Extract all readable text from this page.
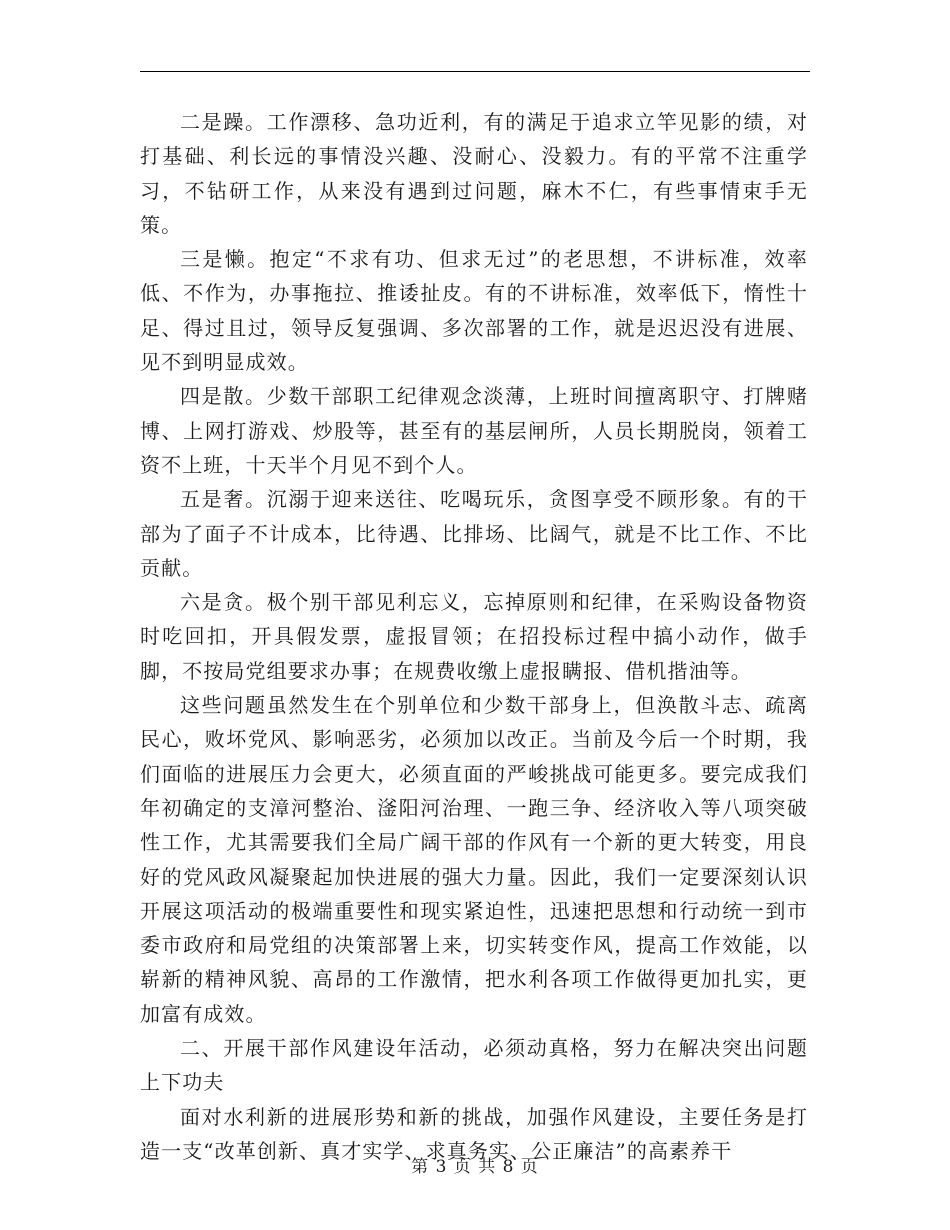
二是躁。工作漂移、急功近利，有的满足于追求立竿见影的绩，对打基础、利长远的事情没兴趣、没耐心、没毅力。有的平常不注重学习，不钻研工作，从来没有遇到过问题，麻木不仁，有些事情束手无策。

三是懒。抱定“不求有功、但求无过”的老思想，不讲标准，效率低、不作为，办事拖拉、推诿扯皮。有的不讲标准，效率低下，惰性十足、得过且过，领导反复强调、多次部署的工作，就是迟迟没有进展、见不到明显成效。

四是散。少数干部职工纪律观念淡薄，上班时间擅离职守、打牌赌博、上网打游戏、炒股等，甚至有的基层闸所，人员长期脱岗，领着工资不上班，十天半个月见不到个人。

五是奢。沉溺于迎来送往、吃喝玩乐，贪图享受不顾形象。有的干部为了面子不计成本，比待遇、比排场、比阔气，就是不比工作、不比贡献。

六是贪。极个别干部见利忘义，忘掉原则和纪律，在采购设备物资时吃回扣，开具假发票，虚报冒领；在招投标过程中搞小动作，做手脚，不按局党组要求办事；在规费收缴上虚报瞒报、借机揩油等。

这些问题虽然发生在个别单位和少数干部身上，但涣散斗志、疏离民心，败坏党风、影响恶劣，必须加以改正。当前及今后一个时期，我们面临的进展压力会更大，必须直面的严峻挑战可能更多。要完成我们年初确定的支漳河整治、滏阳河治理、一跑三争、经济收入等八项突破性工作，尤其需要我们全局广阔干部的作风有一个新的更大转变，用良好的党风政风凝聚起加快进展的强大力量。因此，我们一定要深刻认识开展这项活动的极端重要性和现实紧迫性，迅速把思想和行动统一到市委市政府和局党组的决策部署上来，切实转变作风，提高工作效能，以崭新的精神风貌、高昂的工作激情，把水利各项工作做得更加扎实，更加富有成效。

二、开展干部作风建设年活动，必须动真格，努力在解决突出问题上下功夫

面对水利新的进展形势和新的挑战，加强作风建设，主要任务是打造一支“改革创新、真才实学、求真务实、公正廉洁”的高素养干

第 3 页 共 8 页
